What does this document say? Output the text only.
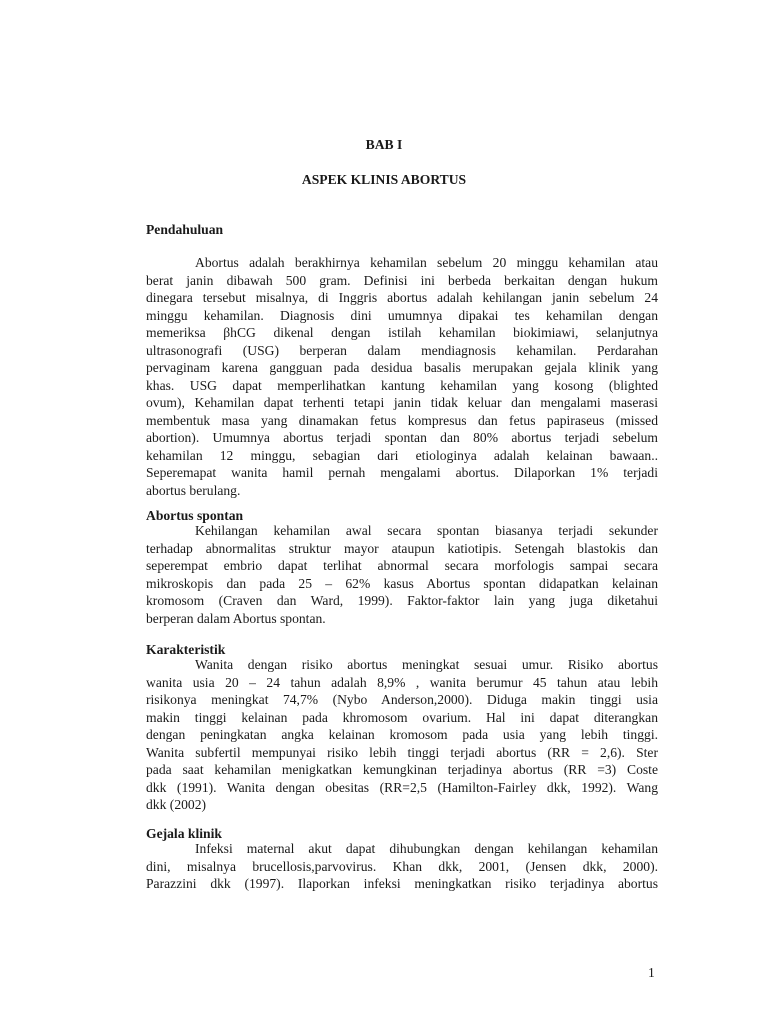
BAB I
ASPEK KLINIS ABORTUS
Pendahuluan
Abortus adalah berakhirnya kehamilan sebelum 20 minggu kehamilan atau
berat janin dibawah 500 gram. Definisi ini berbeda berkaitan dengan hukum
dinegara tersebut misalnya, di Inggris abortus adalah kehilangan janin sebelum 24
minggu kehamilan. Diagnosis dini umumnya dipakai tes kehamilan dengan
memeriksa βhCG dikenal dengan istilah kehamilan biokimiawi, selanjutnya
ultrasonografi (USG) berperan dalam mendiagnosis kehamilan. Perdarahan
pervaginam karena gangguan pada desidua basalis merupakan gejala klinik yang
khas. USG dapat memperlihatkan kantung kehamilan yang kosong (blighted
ovum), Kehamilan dapat terhenti tetapi janin tidak keluar dan mengalami maserasi
membentuk masa yang dinamakan fetus kompresus dan fetus papiraseus (missed
abortion). Umumnya abortus terjadi spontan dan 80% abortus terjadi sebelum
kehamilan 12 minggu, sebagian dari etiologinya adalah kelainan bawaan..
Seperemapat wanita hamil pernah mengalami abortus. Dilaporkan 1% terjadi
abortus berulang.
Abortus spontan
Kehilangan kehamilan awal secara spontan biasanya terjadi sekunder
terhadap abnormalitas struktur mayor ataupun katiotipis. Setengah blastokis dan
seperempat embrio dapat terlihat abnormal secara morfologis sampai secara
mikroskopis dan pada 25 – 62% kasus Abortus spontan didapatkan kelainan
kromosom (Craven dan Ward, 1999). Faktor-faktor lain yang juga diketahui
berperan dalam Abortus spontan.
Karakteristik
Wanita dengan risiko abortus meningkat sesuai umur. Risiko abortus
wanita usia 20 – 24 tahun adalah 8,9% , wanita berumur 45 tahun atau lebih
risikonya meningkat 74,7% (Nybo Anderson,2000). Diduga makin tinggi usia
makin tinggi kelainan pada khromosom ovarium. Hal ini dapat diterangkan
dengan peningkatan angka kelainan kromosom pada usia yang lebih tinggi.
Wanita subfertil mempunyai risiko lebih tinggi terjadi abortus (RR = 2,6). Ster
pada saat kehamilan menigkatkan kemungkinan terjadinya abortus (RR =3) Coste
dkk (1991). Wanita dengan obesitas (RR=2,5 (Hamilton-Fairley dkk, 1992). Wang
dkk (2002)
Gejala klinik
Infeksi maternal akut dapat dihubungkan dengan kehilangan kehamilan
dini, misalnya brucellosis,parvovirus. Khan dkk, 2001, (Jensen dkk, 2000).
Parazzini dkk (1997). Ilaporkan infeksi meningkatkan risiko terjadinya abortus
1
